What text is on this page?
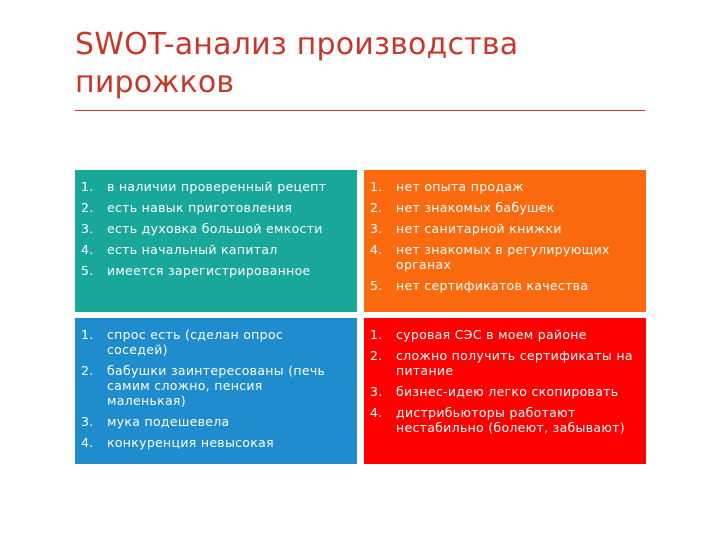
SWOT-анализ производства пирожков
1.	в наличии проверенный рецепт
2.	есть навык приготовления
3.	есть духовка большой емкости
4.	есть начальный капитал
5.	имеется зарегистрированное
1.	нет опыта продаж
2.	нет знакомых бабушек
3.	нет санитарной книжки
4.	нет знакомых в регулирующих органах
5.	нет сертификатов качества
1.	спрос есть (сделан опрос соседей)
2.	бабушки заинтересованы (печь самим сложно, пенсия маленькая)
3.	мука подешевела
4.	конкуренция невысокая
1.	суровая СЭС в моем районе
2.	сложно получить сертификаты на питание
3.	бизнес-идею легко скопировать
4.	дистрибьюторы работают нестабильно (болеют, забывают)
